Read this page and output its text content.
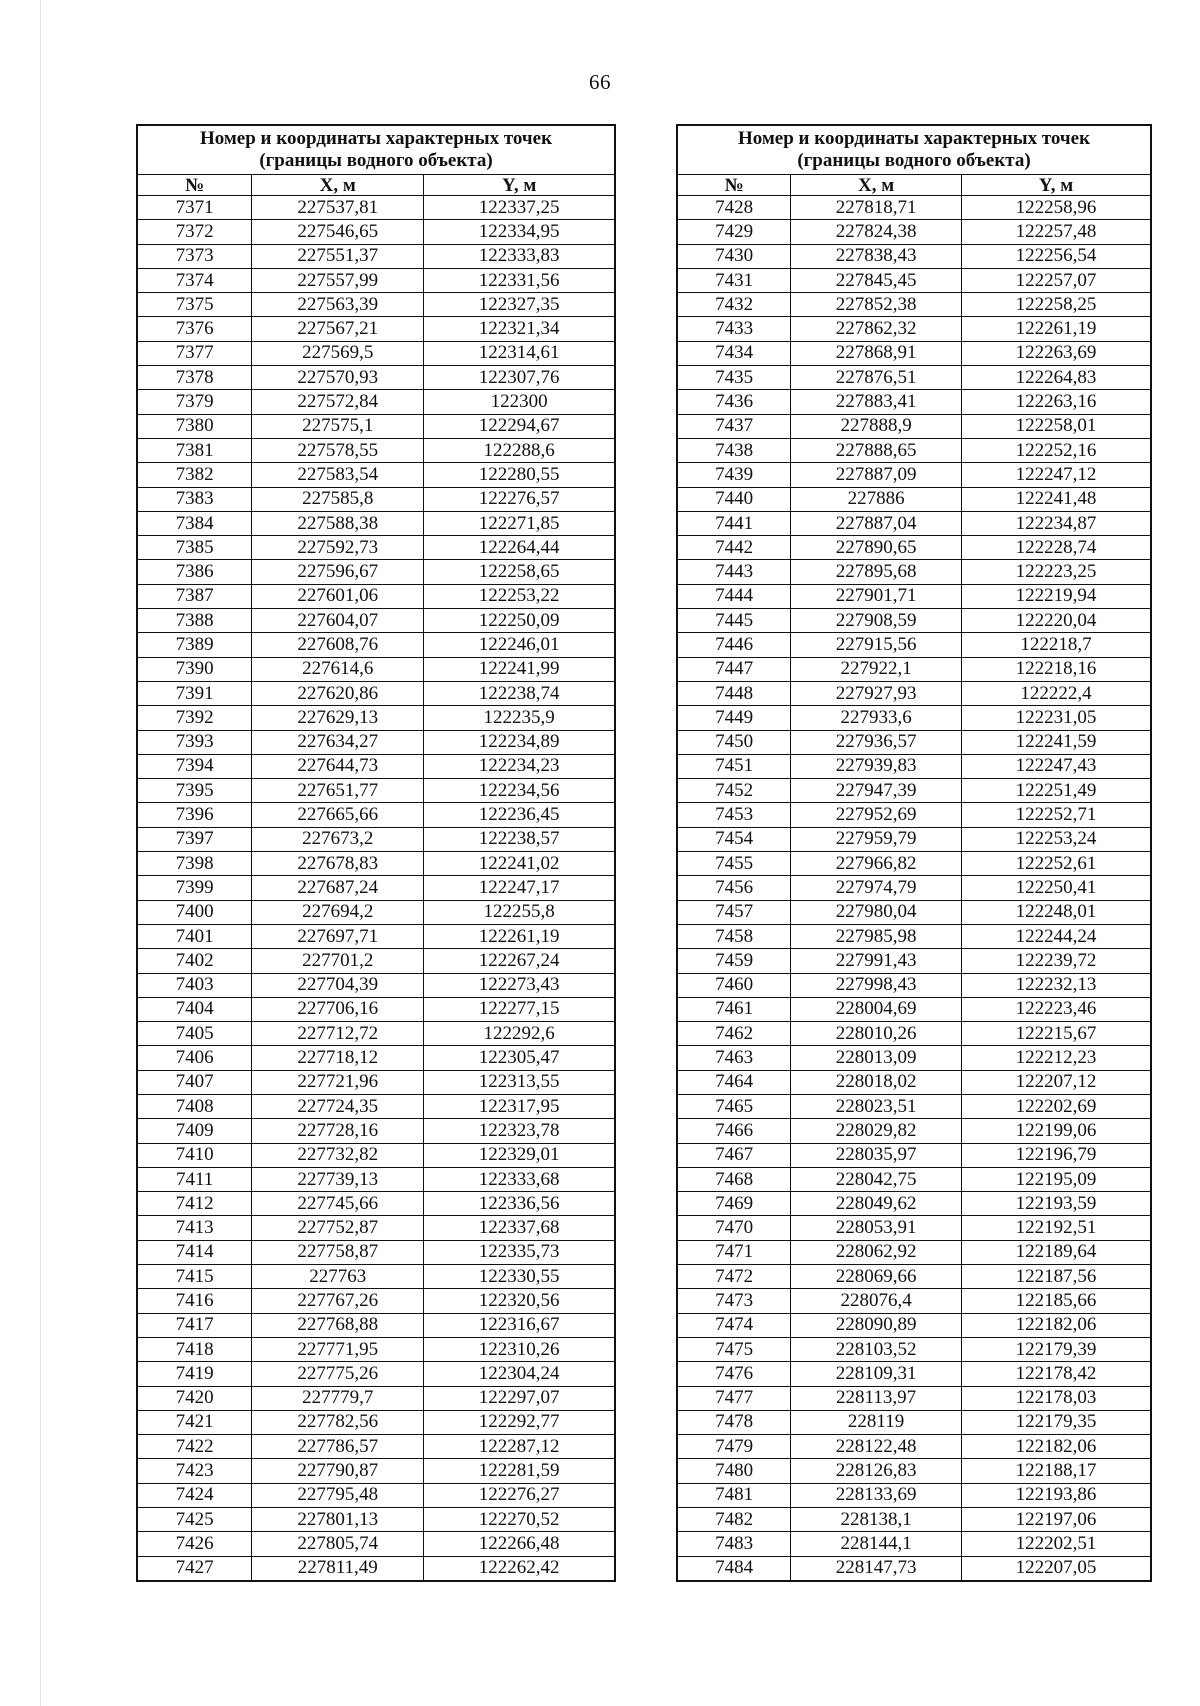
66
Номер и координаты характерных точек
(границы водного объекта)		

№	X, м	Y, м
7371	227537,81	122337,25
7372	227546,65	122334,95
7373	227551,37	122333,83
7374	227557,99	122331,56
7375	227563,39	122327,35
7376	227567,21	122321,34
7377	227569,5	122314,61
7378	227570,93	122307,76
7379	227572,84	122300
7380	227575,1	122294,67
7381	227578,55	122288,6
7382	227583,54	122280,55
7383	227585,8	122276,57
7384	227588,38	122271,85
7385	227592,73	122264,44
7386	227596,67	122258,65
7387	227601,06	122253,22
7388	227604,07	122250,09
7389	227608,76	122246,01
7390	227614,6	122241,99
7391	227620,86	122238,74
7392	227629,13	122235,9
7393	227634,27	122234,89
7394	227644,73	122234,23
7395	227651,77	122234,56
7396	227665,66	122236,45
7397	227673,2	122238,57
7398	227678,83	122241,02
7399	227687,24	122247,17
7400	227694,2	122255,8
7401	227697,71	122261,19
7402	227701,2	122267,24
7403	227704,39	122273,43
7404	227706,16	122277,15
7405	227712,72	122292,6
7406	227718,12	122305,47
7407	227721,96	122313,55
7408	227724,35	122317,95
7409	227728,16	122323,78
7410	227732,82	122329,01
7411	227739,13	122333,68
7412	227745,66	122336,56
7413	227752,87	122337,68
7414	227758,87	122335,73
7415	227763	122330,55
7416	227767,26	122320,56
7417	227768,88	122316,67
7418	227771,95	122310,26
7419	227775,26	122304,24
7420	227779,7	122297,07
7421	227782,56	122292,77
7422	227786,57	122287,12
7423	227790,87	122281,59
7424	227795,48	122276,27
7425	227801,13	122270,52
7426	227805,74	122266,48
7427	227811,49	122262,42
Номер и координаты характерных точек
(границы водного объекта)		

№	X, м	Y, м
7428	227818,71	122258,96
7429	227824,38	122257,48
7430	227838,43	122256,54
7431	227845,45	122257,07
7432	227852,38	122258,25
7433	227862,32	122261,19
7434	227868,91	122263,69
7435	227876,51	122264,83
7436	227883,41	122263,16
7437	227888,9	122258,01
7438	227888,65	122252,16
7439	227887,09	122247,12
7440	227886	122241,48
7441	227887,04	122234,87
7442	227890,65	122228,74
7443	227895,68	122223,25
7444	227901,71	122219,94
7445	227908,59	122220,04
7446	227915,56	122218,7
7447	227922,1	122218,16
7448	227927,93	122222,4
7449	227933,6	122231,05
7450	227936,57	122241,59
7451	227939,83	122247,43
7452	227947,39	122251,49
7453	227952,69	122252,71
7454	227959,79	122253,24
7455	227966,82	122252,61
7456	227974,79	122250,41
7457	227980,04	122248,01
7458	227985,98	122244,24
7459	227991,43	122239,72
7460	227998,43	122232,13
7461	228004,69	122223,46
7462	228010,26	122215,67
7463	228013,09	122212,23
7464	228018,02	122207,12
7465	228023,51	122202,69
7466	228029,82	122199,06
7467	228035,97	122196,79
7468	228042,75	122195,09
7469	228049,62	122193,59
7470	228053,91	122192,51
7471	228062,92	122189,64
7472	228069,66	122187,56
7473	228076,4	122185,66
7474	228090,89	122182,06
7475	228103,52	122179,39
7476	228109,31	122178,42
7477	228113,97	122178,03
7478	228119	122179,35
7479	228122,48	122182,06
7480	228126,83	122188,17
7481	228133,69	122193,86
7482	228138,1	122197,06
7483	228144,1	122202,51
7484	228147,73	122207,05
